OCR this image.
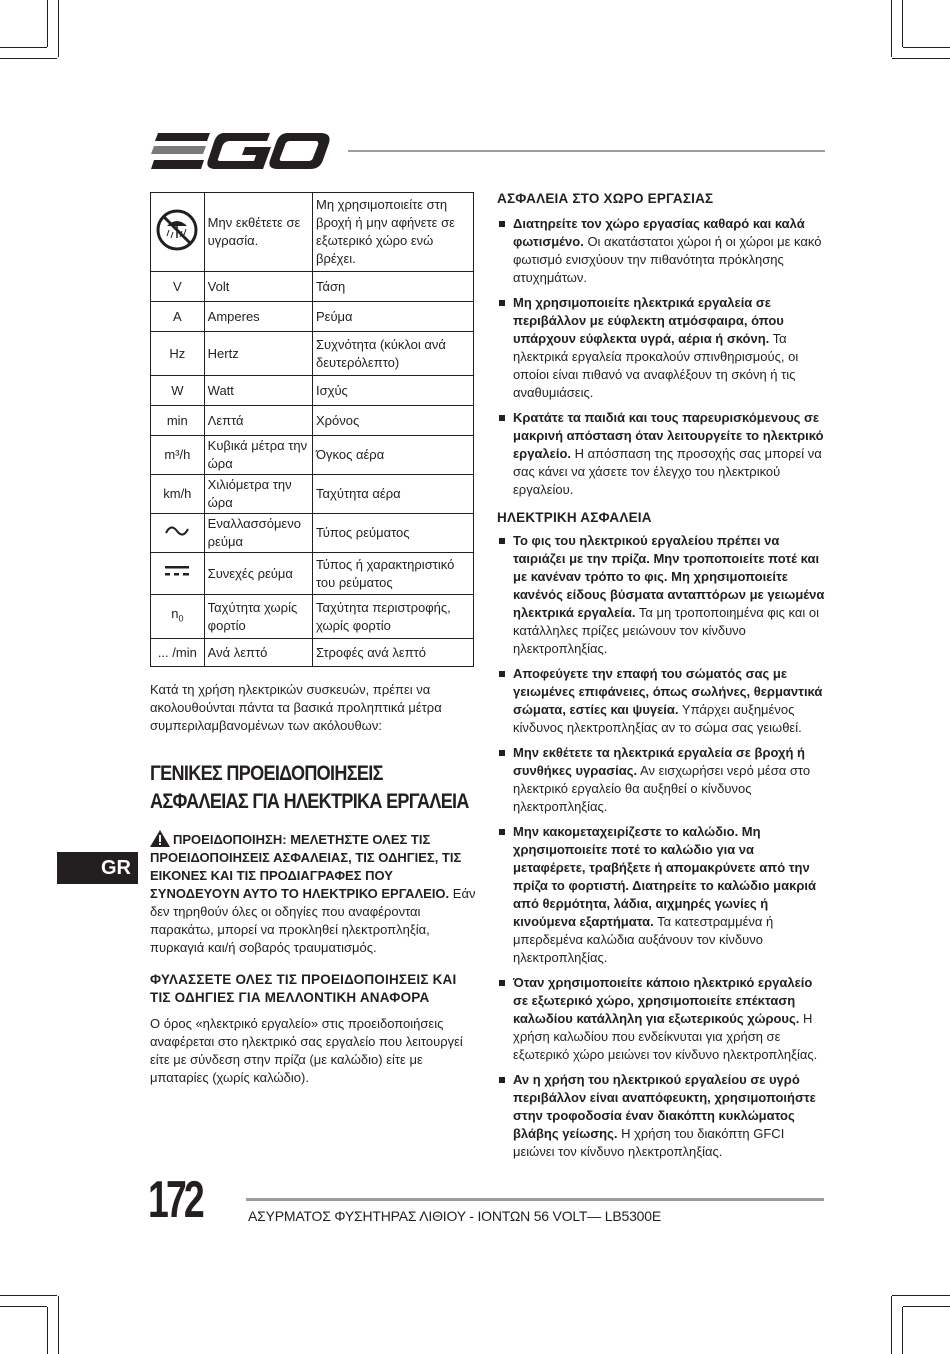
	Μην εκθέτετε σε υγρασία.	Μη χρησιμοποιείτε στη βροχή ή μην αφήνετε σε εξωτερικό χώρο ενώ βρέχει.
V	Volt	Τάση
A	Amperes	Ρεύμα
Hz	Hertz	Συχνότητα (κύκλοι ανά δευτερόλεπτο)
W	Watt	Ισχύς
min	Λεπτά	Χρόνος
m³/h	Κυβικά μέτρα την ώρα	Όγκος αέρα
km/h	Χιλιόμετρα την ώρα	Ταχύτητα αέρα

	Εναλλασσόμενο ρεύμα	Τύπος ρεύματος

	Συνεχές ρεύμα	Τύπος ή χαρακτηριστικό του ρεύματος
$n_0$	Ταχύτητα χωρίς φορτίο	Ταχύτητα περιστροφής, χωρίς φορτίο
... /min	Ανά λεπτό	Στροφές ανά λεπτό

Κατά τη χρήση ηλεκτρικών συσκευών, πρέπει να ακολουθούνται πάντα τα βασικά προληπτικά μέτρα συμπεριλαμβανομένων των ακόλουθων:

ΓΕΝΙΚΕΣ ΠΡΟΕΙΔΟΠΟΙΗΣΕΙΣ ΑΣΦΑΛΕΙΑΣ ΓΙΑ ΗΛΕΚΤΡΙΚΑ ΕΡΓΑΛΕΙΑ

ΠΡΟΕΙΔΟΠΟΙΗΣΗ: ΜΕΛΕΤΗΣΤΕ ΟΛΕΣ ΤΙΣ ΠΡΟΕΙΔΟΠΟΙΗΣΕΙΣ ΑΣΦΑΛΕΙΑΣ, ΤΙΣ ΟΔΗΓΙΕΣ, ΤΙΣ ΕΙΚΟΝΕΣ ΚΑΙ ΤΙΣ ΠΡΟΔΙΑΓΡΑΦΕΣ ΠΟΥ ΣΥΝΟΔΕΥΟΥΝ ΑΥΤΟ ΤΟ ΗΛΕΚΤΡΙΚΟ ΕΡΓΑΛΕΙΟ. Εάν δεν τηρηθούν όλες οι οδηγίες που αναφέρονται παρακάτω, μπορεί να προκληθεί ηλεκτροπληξία, πυρκαγιά και/ή σοβαρός τραυματισμός.

ΦΥΛΑΣΣΕΤΕ ΟΛΕΣ ΤΙΣ ΠΡΟΕΙΔΟΠΟΙΗΣΕΙΣ ΚΑΙ ΤΙΣ ΟΔΗΓΙΕΣ ΓΙΑ ΜΕΛΛΟΝΤΙΚΗ ΑΝΑΦΟΡΑ

Ο όρος «ηλεκτρικό εργαλείο» στις προειδοποιήσεις αναφέρεται στο ηλεκτρικό σας εργαλείο που λειτουργεί είτε με σύνδεση στην πρίζα (με καλώδιο) είτε με μπαταρίες (χωρίς καλώδιο).

ΑΣΦΑΛΕΙΑ ΣΤΟ ΧΩΡΟ ΕΡΓΑΣΙΑΣ
Διατηρείτε τον χώρο εργασίας καθαρό και καλά φωτισμένο. Οι ακατάστατοι χώροι ή οι χώροι με κακό φωτισμό ενισχύουν την πιθανότητα πρόκλησης ατυχημάτων.
Μη χρησιμοποιείτε ηλεκτρικά εργαλεία σε περιβάλλον με εύφλεκτη ατμόσφαιρα, όπου υπάρχουν εύφλεκτα υγρά, αέρια ή σκόνη. Τα ηλεκτρικά εργαλεία προκαλούν σπινθηρισμούς, οι οποίοι είναι πιθανό να αναφλέξουν τη σκόνη ή τις αναθυμιάσεις.
Κρατάτε τα παιδιά και τους παρευρισκόμενους σε μακρινή απόσταση όταν λειτουργείτε το ηλεκτρικό εργαλείο. Η απόσπαση της προσοχής σας μπορεί να σας κάνει να χάσετε τον έλεγχο του ηλεκτρικού εργαλείου.
ΗΛΕΚΤΡΙΚΗ ΑΣΦΑΛΕΙΑ
Το φις του ηλεκτρικού εργαλείου πρέπει να ταιριάζει με την πρίζα. Μην τροποποιείτε ποτέ και με κανέναν τρόπο το φις. Μη χρησιμοποιείτε κανένός είδους βύσματα ανταπτόρων με γειωμένα ηλεκτρικά εργαλεία. Τα μη τροποποιημένα φις και οι κατάλληλες πρίζες μειώνουν τον κίνδυνο ηλεκτροπληξίας.
Αποφεύγετε την επαφή του σώματός σας με γειωμένες επιφάνειες, όπως σωλήνες, θερμαντικά σώματα, εστίες και ψυγεία. Υπάρχει αυξημένος κίνδυνος ηλεκτροπληξίας αν το σώμα σας γειωθεί.
Μην εκθέτετε τα ηλεκτρικά εργαλεία σε βροχή ή συνθήκες υγρασίας. Αν εισχωρήσει νερό μέσα στο ηλεκτρικό εργαλείο θα αυξηθεί ο κίνδυνος ηλεκτροπληξίας.
Μην κακομεταχειρίζεστε το καλώδιο. Μη χρησιμοποιείτε ποτέ το καλώδιο για να μεταφέρετε, τραβήξετε ή απομακρύνετε από την πρίζα το φορτιστή. Διατηρείτε το καλώδιο μακριά από θερμότητα, λάδια, αιχμηρές γωνίες ή κινούμενα εξαρτήματα. Τα κατεστραμμένα ή μπερδεμένα καλώδια αυξάνουν τον κίνδυνο ηλεκτροπληξίας.
Όταν χρησιμοποιείτε κάποιο ηλεκτρικό εργαλείο σε εξωτερικό χώρο, χρησιμοποιείτε επέκταση καλωδίου κατάλληλη για εξωτερικούς χώρους. Η χρήση καλωδίου που ενδείκνυται για χρήση σε εξωτερικό χώρο μειώνει τον κίνδυνο ηλεκτροπληξίας.
Αν η χρήση του ηλεκτρικού εργαλείου σε υγρό περιβάλλον είναι αναπόφευκτη, χρησιμοποιήστε στην τροφοδοσία έναν διακόπτη κυκλώματος βλάβης γείωσης. Η χρήση του διακόπτη GFCI μειώνει τον κίνδυνο ηλεκτροπληξίας.
GR
172	ΑΣΥΡΜΑΤΟΣ ΦΥΣΗΤΗΡΑΣ ΛΙΘΙΟΥ - ΙΟΝΤΩΝ 56 VOLT— LB5300E
